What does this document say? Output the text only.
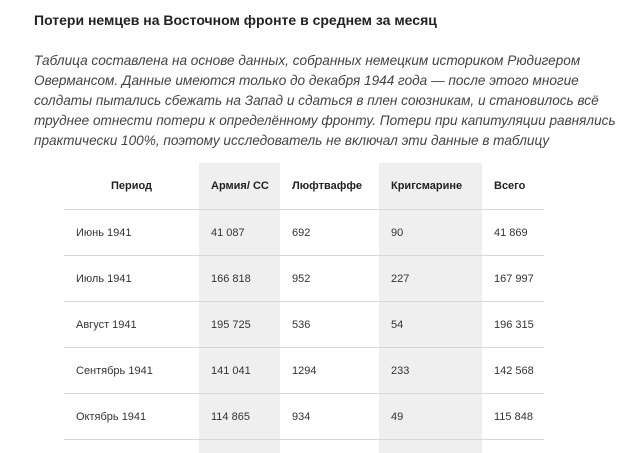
Потери немцев на Восточном фронте в среднем за месяц

Таблица составлена на основе данных, собранных немецким историком Рюдигером

Овермансом. Данные имеются только до декабря 1944 года — после этого многие

солдаты пытались сбежать на Запад и сдаться в плен союзникам, и становилось всё

труднее отнести потери к определённому фронту. Потери при капитуляции равнялись

практически 100%, поэтому исследователь не включал эти данные в таблицу

Период	Армия/ СС	Люфтваффе	Кригсмарине	Всего
Июнь 1941	41 087	692	90	41 869
Июль 1941	166 818	952	227	167 997
Август 1941	195 725	536	54	196 315
Сентябрь 1941	141 041	1294	233	142 568
Октябрь 1941	114 865	934	49	115 848
